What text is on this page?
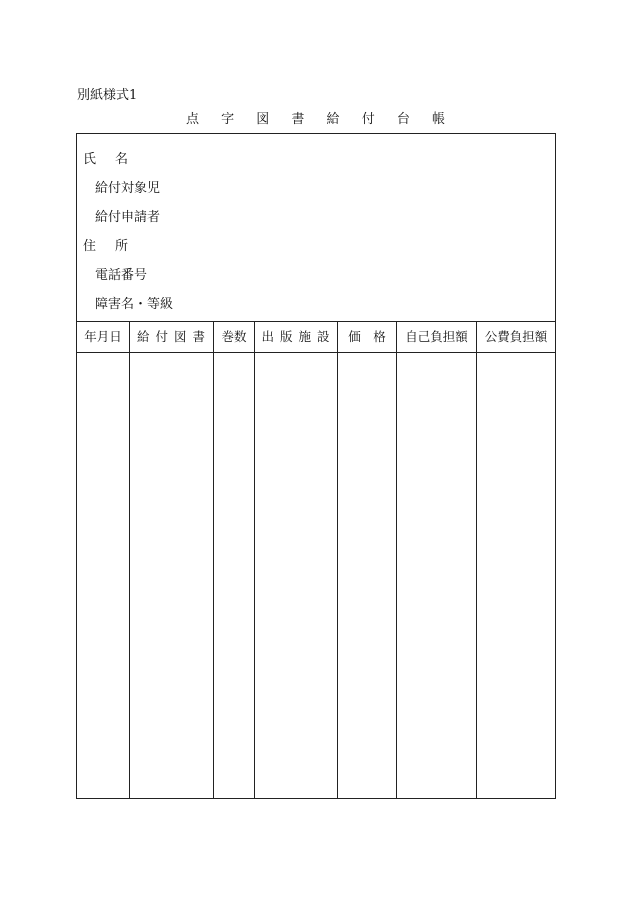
別紙様式1
点 字 図 書 給 付 台 帳
氏　名
給付対象児
給付申請者
住　所
電話番号
障害名・等級
年月日	給 付 図 書	巻数	出 版 施 設	価　格	自己負担額	公費負担額
